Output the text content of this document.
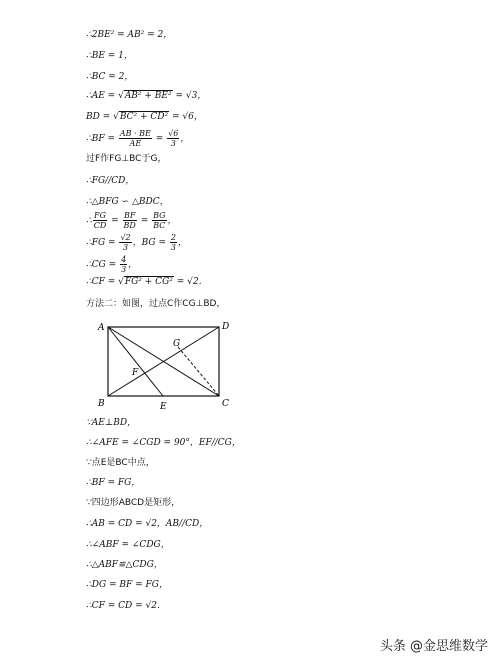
∴2BE² = AB² = 2，
∴BE = 1，
∴BC = 2，
∴AE = √AB² + BE² = √3，
BD = √BC² + CD² = √6，
∴BF = $\frac{AB \cdot BE}{AE} = \frac{√6}{3}$ ，
过F作FG⊥BC于G，
∴FG//CD，
∴△BFG ∽ △BDC，
∴ $\frac{FG}{CD} = \frac{BF}{BD} = \frac{BG}{BC}$ ，
∴FG = $\frac{√2}{3}$ ，BG = $\frac{2}{3}$ ，
∴CG = $\frac{4}{3}$ ，
∴CF = √FG² + CG² = √2．
方法二：如图，过点C作CG⊥BD，
A	D
B	C
E
F
G
∵AE⊥BD，
∴∠AFE = ∠CGD = 90°，EF//CG，
∵点E是BC中点，
∴BF = FG，
∵四边形ABCD是矩形，
∴AB = CD = √2，AB//CD，
∴∠ABF = ∠CDG，
∴△ABF≌△CDG，
∴DG = BF = FG，
∴CF = CD = √2．
头条 @金思维数学
